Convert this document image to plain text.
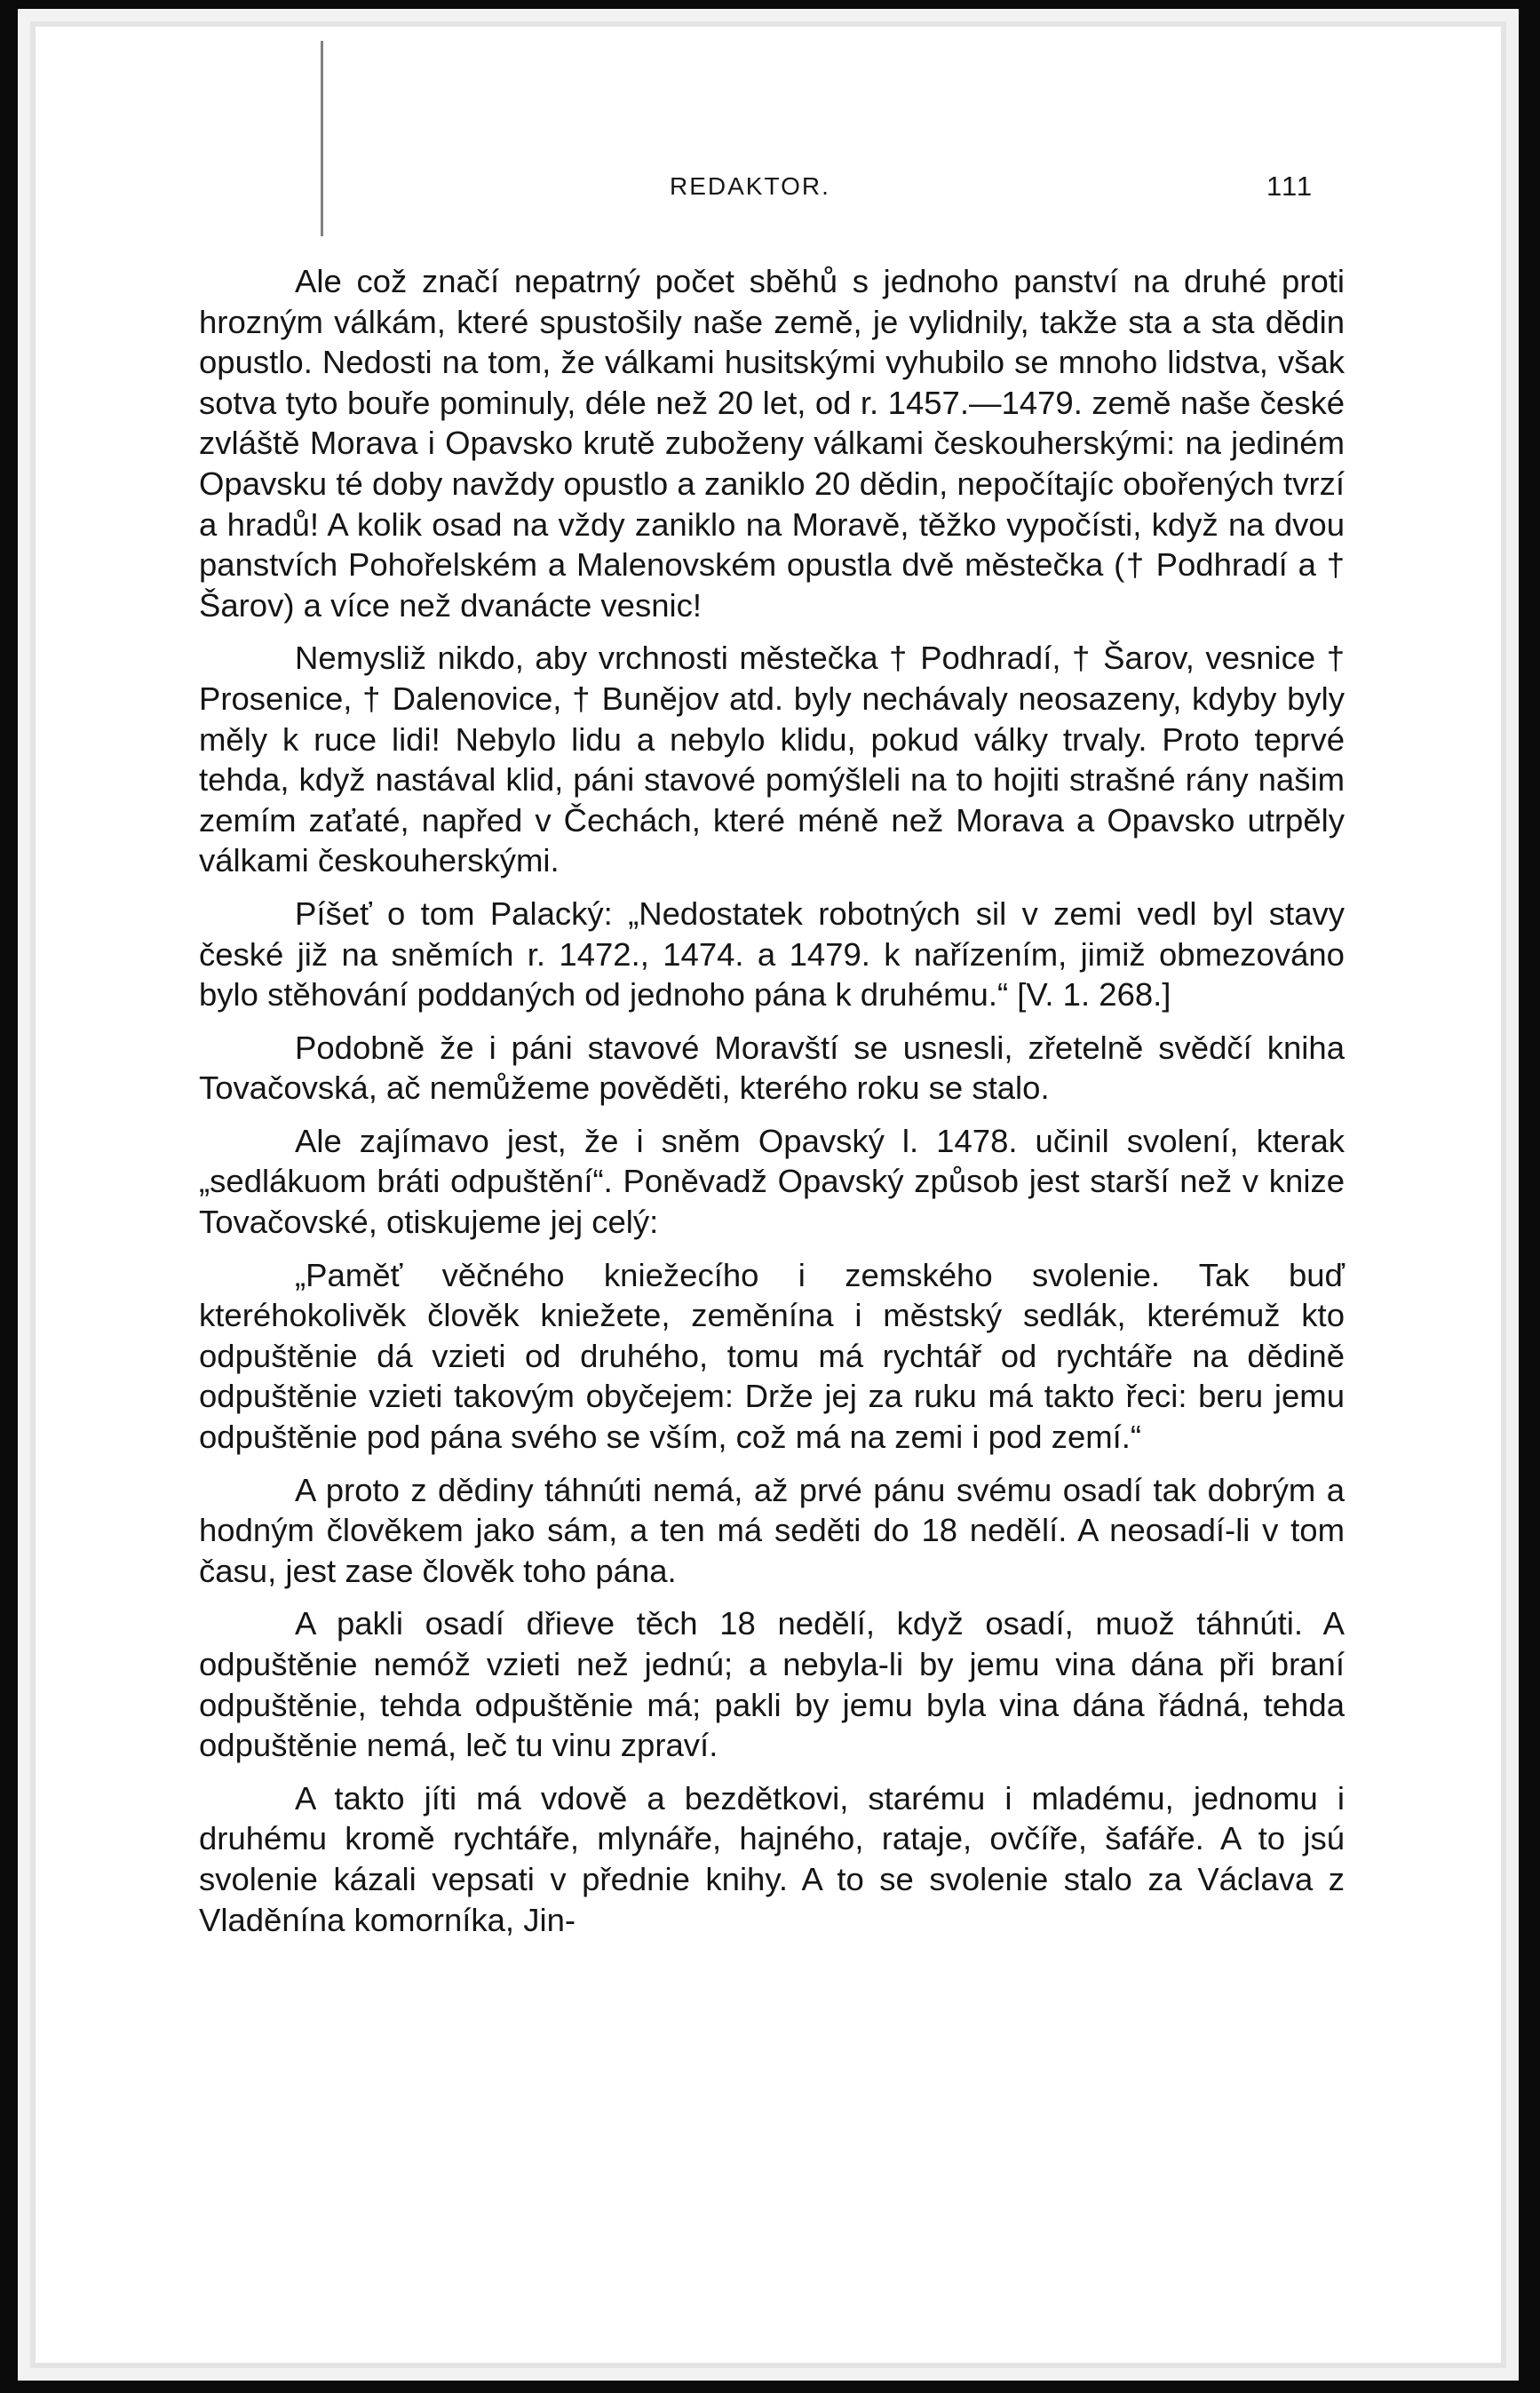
REDAKTOR.	111

Ale což značí nepatrný počet sběhů s jednoho panství na druhé proti hrozným válkám, které spustošily naše země, je vylidnily, takže sta a sta dědin opustlo. Nedosti na tom, že válkami husitskými vyhubilo se mnoho lidstva, však sotva tyto bouře pominuly, déle než 20 let, od r. 1457.—1479. země naše české zvláště Morava i Opavsko krutě zuboženy válkami českouherskými: na jediném Opavsku té doby navždy opustlo a zaniklo 20 dědin, nepočítajíc obořených tvrzí a hradů! A kolik osad na vždy zaniklo na Moravě, těžko vypočísti, když na dvou panstvích Pohořelském a Malenovském opustla dvě městečka († Podhradí a † Šarov) a více než dvanácte vesnic!

Nemysliž nikdo, aby vrchnosti městečka † Podhradí, † Šarov, vesnice † Prosenice, † Dalenovice, † Bunějov atd. byly nechávaly neosazeny, kdyby byly měly k ruce lidi! Nebylo lidu a nebylo klidu, pokud války trvaly. Proto teprvé tehda, když nastával klid, páni stavové pomýšleli na to hojiti strašné rány našim zemím zaťaté, napřed v Čechách, které méně než Morava a Opavsko utrpěly válkami českouherskými.

Píšeť o tom Palacký: „Nedostatek robotných sil v zemi vedl byl stavy české již na sněmích r. 1472., 1474. a 1479. k nařízením, jimiž obmezováno bylo stěhování poddaných od jednoho pána k druhému.“ [V. 1. 268.]

Podobně že i páni stavové Moravští se usnesli, zřetelně svědčí kniha Tovačovská, ač nemůžeme pověděti, kterého roku se stalo.

Ale zajímavo jest, že i sněm Opavský l. 1478. učinil svolení, kterak „sedlákuom bráti odpuštění“. Poněvadž Opavský způsob jest starší než v knize Tovačovské, otiskujeme jej celý:

„Paměť věčného kniežecího i zemského svolenie. Tak buď kteréhokolivěk člověk kniežete, zeměnína i městský sedlák, kterémuž kto odpuštěnie dá vzieti od druhého, tomu má rychtář od rychtáře na dědině odpuštěnie vzieti takovým obyčejem: Drže jej za ruku má takto řeci: beru jemu odpuštěnie pod pána svého se vším, což má na zemi i pod zemí.“

A proto z dědiny táhnúti nemá, až prvé pánu svému osadí tak dobrým a hodným člověkem jako sám, a ten má seděti do 18 nedělí. A neosadí-li v tom času, jest zase člověk toho pána.

A pakli osadí dřieve těch 18 nedělí, když osadí, muož táhnúti. A odpuštěnie nemóž vzieti než jednú; a nebyla-li by jemu vina dána při braní odpuštěnie, tehda odpuštěnie má; pakli by jemu byla vina dána řádná, tehda odpuštěnie nemá, leč tu vinu zpraví.

A takto jíti má vdově a bezdětkovi, starému i mladému, jednomu i druhému kromě rychtáře, mlynáře, hajného, rataje, ovčíře, šafáře. A to jsú svolenie kázali vepsati v přednie knihy. A to se svolenie stalo za Václava z Vladěnína komorníka, Jin-
